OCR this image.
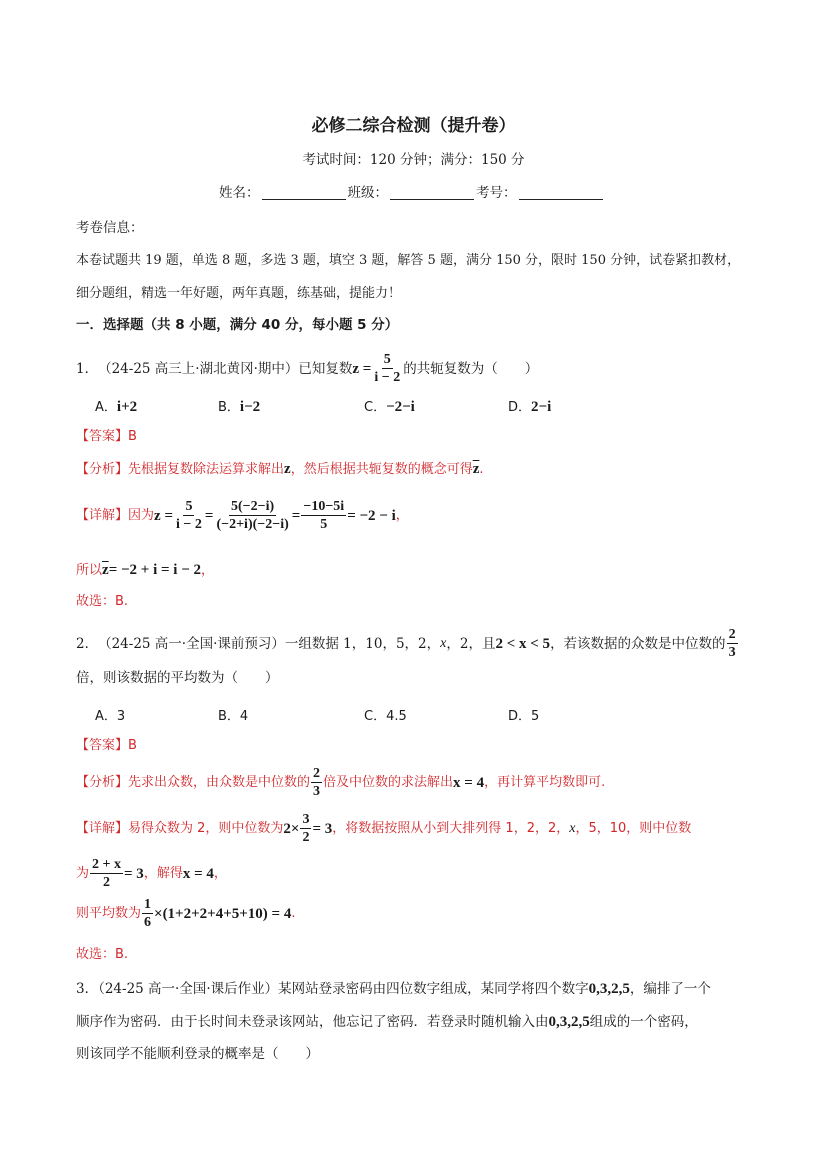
必修二综合检测（提升卷）
考试时间：120 分钟；满分：150 分
姓名：	班级：	考号：
考卷信息：
本卷试题共 19 题，单选 8 题，多选 3 题，填空 3 题，解答 5 题，满分 150 分，限时 150 分钟，试卷紧扣教材，
细分题组，精选一年好题，两年真题，练基础，提能力！
一．选择题（共 8 小题，满分 40 分，每小题 5 分）
1． （24-25 高三上·湖北黄冈·期中） 已知复数 $z = \frac{5}{i - 2}$ 的共轭复数为（　　）
A．i+2	B．i−2	C．−2−i	D．2−i
【答案】B
【分析】先根据复数除法运算求解出z，然后根据共轭复数的概念可得$\overline{z}$.
【详解】 因为 $z = \frac{5}{i - 2} = \frac{5(-2-i)}{(-2+i)(-2-i)} = \frac{-10-5i}{5} = -2 - i$ ，
所以$\overline{z}= -2 + i = i - 2$，
故选：B.
2． （24-25 高一·全国·课前预习） 一组数据 1，10，5，2， x ，2，且 2 < x < 5 ，若该数据的众数是中位数的 $\frac{2}{3}$
倍，则该数据的平均数为（　　）
A．3	B．4	C．4.5	D．5
【答案】B
【分析】 先求出众数，由众数是中位数的 $\frac{2}{3}$ 倍及中位数的求法解出 x = 4 ，再计算平均数即可.
【详解】 易得众数为 2，则中位数为 $2\times \frac{3}{2} = 3$ ，将数据按照从小到大排列得 1，2，2， x ，5，10，则中位数
为 $\frac{2 + x}{2} = 3$ ，解得 x = 4 ，
则平均数为 $\frac{1}{6} \times(1+2+2+4+5+10) = 4$ .
故选：B.
3．（24-25 高一·全国·课后作业）某网站登录密码由四位数字组成，某同学将四个数字0,3,2,5，编排了一个
顺序作为密码．由于长时间未登录该网站，他忘记了密码．若登录时随机输入由0,3,2,5组成的一个密码，
则该同学不能顺利登录的概率是（　　）
